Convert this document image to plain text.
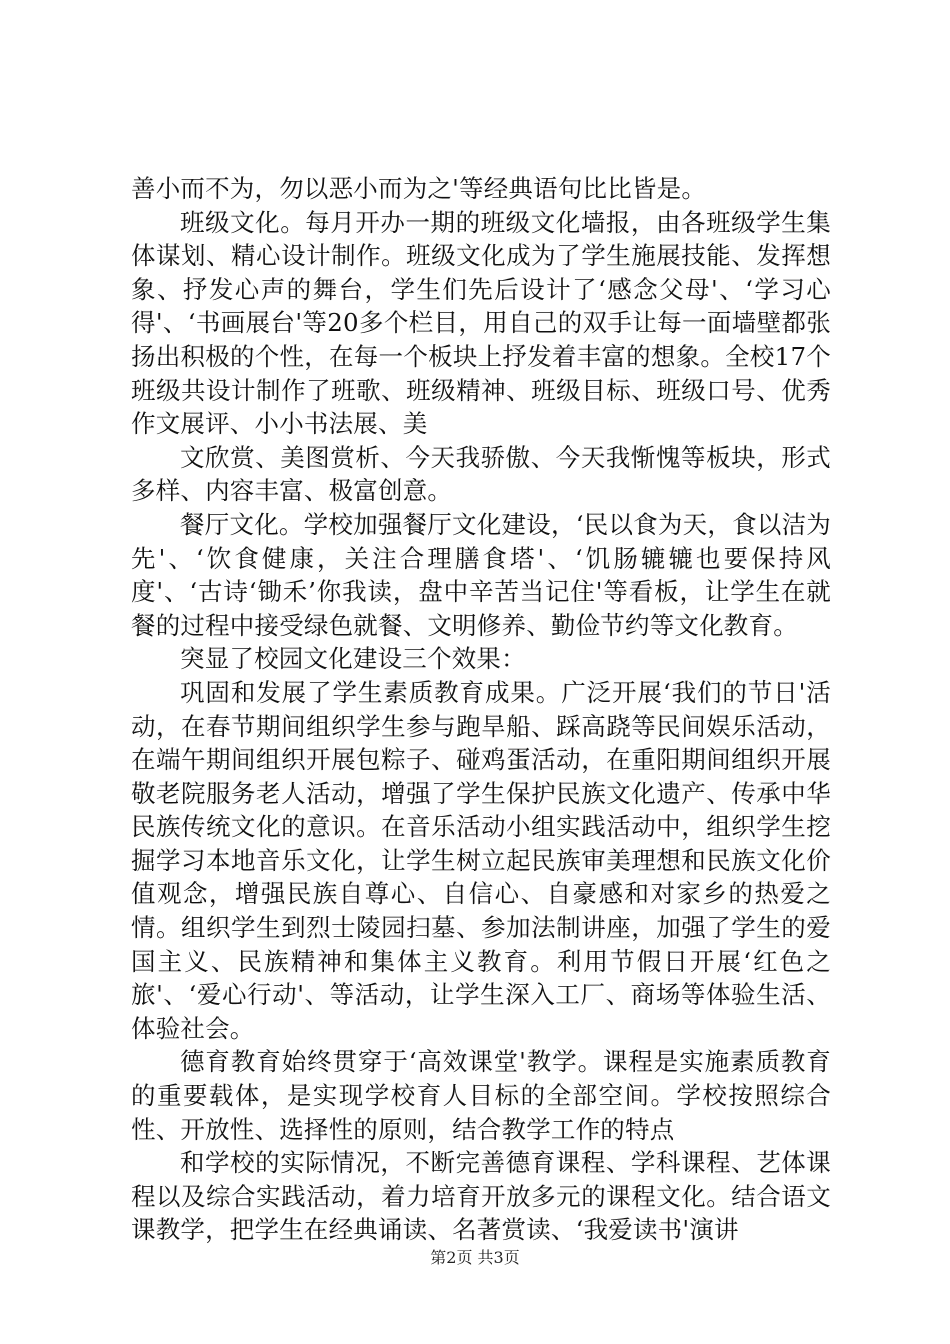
善小而不为，勿以恶小而为之'等经典语句比比皆是。

班级文化。每月开办一期的班级文化墙报，由各班级学生集体谋划、精心设计制作。班级文化成为了学生施展技能、发挥想象、抒发心声的舞台，学生们先后设计了‘感念父母'、‘学习心得'、‘书画展台'等20多个栏目，用自己的双手让每一面墙壁都张扬出积极的个性，在每一个板块上抒发着丰富的想象。全校17个班级共设计制作了班歌、班级精神、班级目标、班级口号、优秀作文展评、小小书法展、美

文欣赏、美图赏析、今天我骄傲、今天我惭愧等板块，形式多样、内容丰富、极富创意。

餐厅文化。学校加强餐厅文化建设，‘民以食为天，食以洁为先'、‘饮食健康，关注合理膳食塔'、‘饥肠辘辘也要保持风度'、‘古诗‘锄禾’你我读，盘中辛苦当记住'等看板，让学生在就餐的过程中接受绿色就餐、文明修养、勤俭节约等文化教育。

突显了校园文化建设三个效果：

巩固和发展了学生素质教育成果。广泛开展‘我们的节日'活动，在春节期间组织学生参与跑旱船、踩高跷等民间娱乐活动，在端午期间组织开展包粽子、碰鸡蛋活动，在重阳期间组织开展敬老院服务老人活动，增强了学生保护民族文化遗产、传承中华民族传统文化的意识。在音乐活动小组实践活动中，组织学生挖掘学习本地音乐文化，让学生树立起民族审美理想和民族文化价值观念，增强民族自尊心、自信心、自豪感和对家乡的热爱之情。组织学生到烈士陵园扫墓、参加法制讲座，加强了学生的爱国主义、民族精神和集体主义教育。利用节假日开展‘红色之旅'、‘爱心行动'、等活动，让学生深入工厂、商场等体验生活、体验社会。

德育教育始终贯穿于‘高效课堂'教学。课程是实施素质教育的重要载体，是实现学校育人目标的全部空间。学校按照综合性、开放性、选择性的原则，结合教学工作的特点

和学校的实际情况，不断完善德育课程、学科课程、艺体课程以及综合实践活动，着力培育开放多元的课程文化。结合语文课教学，把学生在经典诵读、名著赏读、‘我爱读书'演讲

第2页 共3页
